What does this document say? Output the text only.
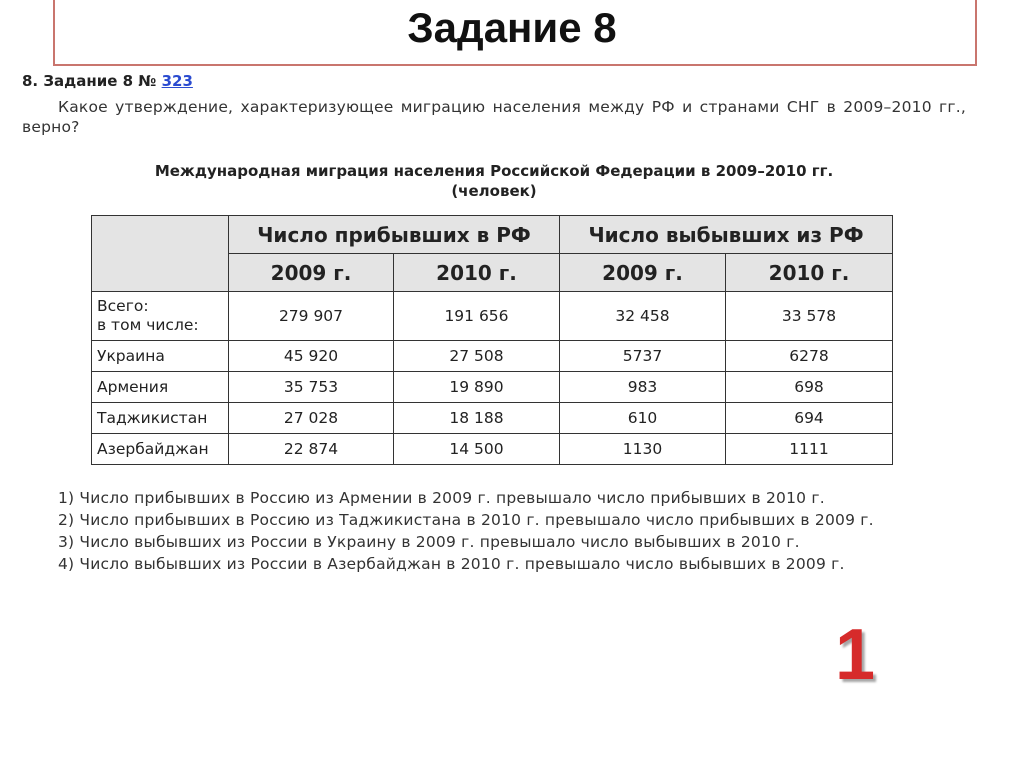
Задание 8
8. Задание 8 № 323
Какое утверждение, характеризующее миграцию населения между РФ и странами СНГ в 2009–2010 гг., верно?
Международная миграция населения Российской Федерации в 2009–2010 гг.
(человек)
	Число прибывших в РФ		Число выбывших из РФ	
	2009 г.	2010 г.	2009 г.	2010 г.
Всего:
в том числе:	279 907	191 656	32 458	33 578
Украина	45 920	27 508	5737	6278
Армения	35 753	19 890	983	698
Таджикистан	27 028	18 188	610	694
Азербайджан	22 874	14 500	1130	1111

1) Число прибывших в Россию из Армении в 2009 г. превышало число прибывших в 2010 г.

2) Число прибывших в Россию из Таджикистана в 2010 г. превышало число прибывших в 2009 г.

3) Число выбывших из России в Украину в 2009 г. превышало число выбывших в 2010 г.

4) Число выбывших из России в Азербайджан в 2010 г. превышало число выбывших в 2009 г.

1
